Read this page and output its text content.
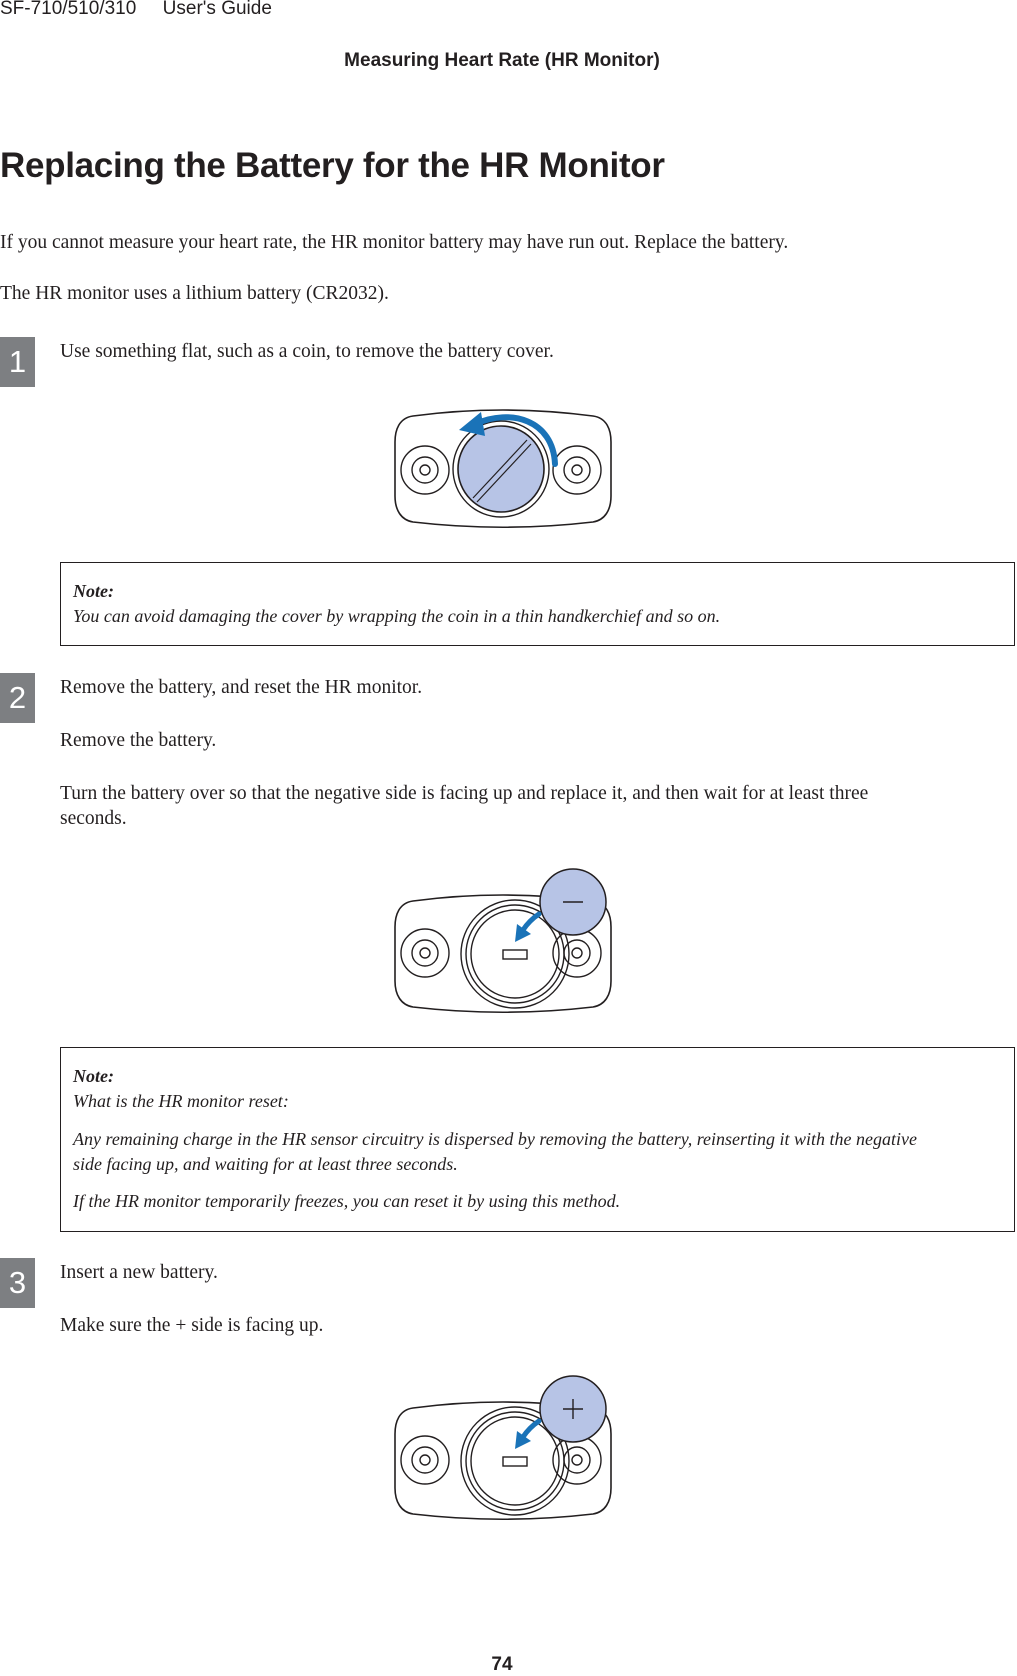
SF-710/510/310 User's Guide
Measuring Heart Rate (HR Monitor)
Replacing the Battery for the HR Monitor

If you cannot measure your heart rate, the HR monitor battery may have run out. Replace the battery.

The HR monitor uses a lithium battery (CR2032).

1	Use something flat, such as a coin, to remove the battery cover.

Note:
You can avoid damaging the cover by wrapping the coin in a thin handkerchief and so on.
2	Remove the battery, and reset the HR monitor.

Remove the battery.

Turn the battery over so that the negative side is facing up and replace it, and then wait for at least three

seconds.

Note:
What is the HR monitor reset:
Any remaining charge in the HR sensor circuitry is dispersed by removing the battery, reinserting it with the negative
side facing up, and waiting for at least three seconds.
If the HR monitor temporarily freezes, you can reset it by using this method.
3	Insert a new battery.

Make sure the + side is facing up.

74
